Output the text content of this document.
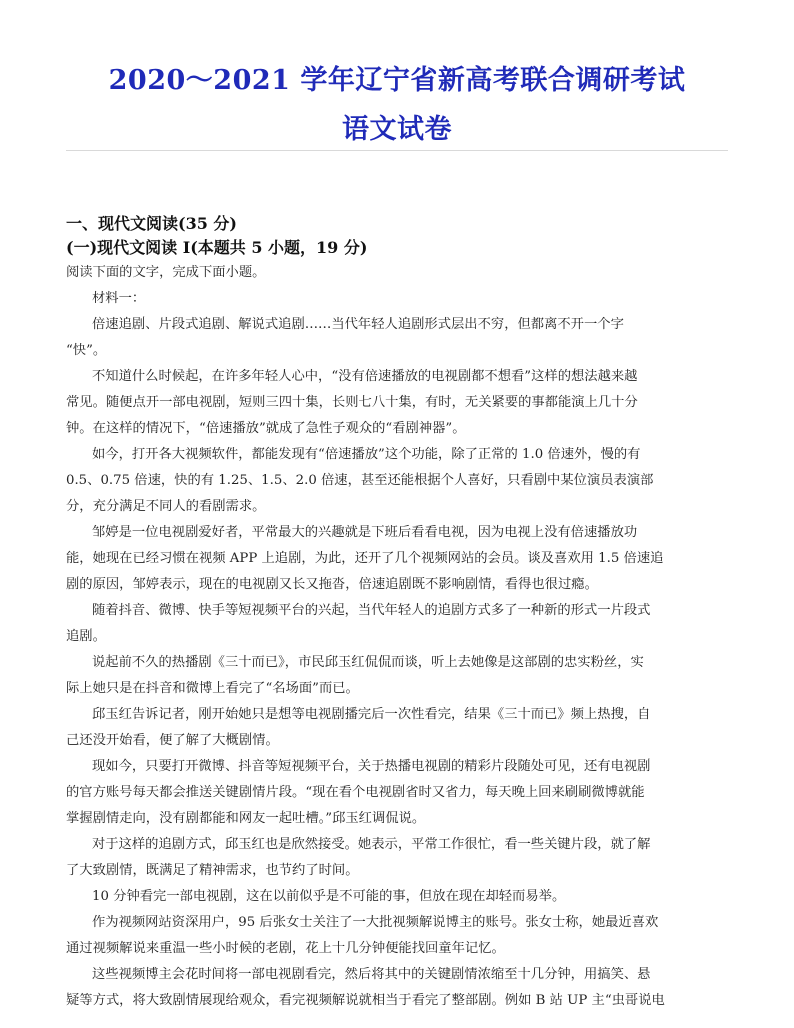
2020～2021 学年辽宁省新高考联合调研考试
语文试卷
一、现代文阅读(35 分)
(一)现代文阅读 I(本题共 5 小题，19 分)
阅读下面的文字，完成下面小题。
材料一：
倍速追剧、片段式追剧、解说式追剧……当代年轻人追剧形式层出不穷，但都离不开一个字
“快”。
不知道什么时候起，在许多年轻人心中，“没有倍速播放的电视剧都不想看”这样的想法越来越
常见。随便点开一部电视剧，短则三四十集，长则七八十集，有时，无关紧要的事都能演上几十分
钟。在这样的情况下，“倍速播放”就成了急性子观众的“看剧神器”。
如今，打开各大视频软件，都能发现有“倍速播放”这个功能，除了正常的 1.0 倍速外，慢的有
0.5、0.75 倍速，快的有 1.25、1.5、2.0 倍速，甚至还能根据个人喜好，只看剧中某位演员表演部
分，充分满足不同人的看剧需求。
邹婷是一位电视剧爱好者，平常最大的兴趣就是下班后看看电视，因为电视上没有倍速播放功
能，她现在已经习惯在视频 APP 上追剧，为此，还开了几个视频网站的会员。谈及喜欢用 1.5 倍速追
剧的原因，邹婷表示，现在的电视剧又长又拖沓，倍速追剧既不影响剧情，看得也很过瘾。
随着抖音、微博、快手等短视频平台的兴起，当代年轻人的追剧方式多了一种新的形式一片段式
追剧。
说起前不久的热播剧《三十而已》，市民邱玉红侃侃而谈，听上去她像是这部剧的忠实粉丝，实
际上她只是在抖音和微博上看完了“名场面”而已。
邱玉红告诉记者，刚开始她只是想等电视剧播完后一次性看完，结果《三十而已》频上热搜，自
己还没开始看，便了解了大概剧情。
现如今，只要打开微博、抖音等短视频平台，关于热播电视剧的精彩片段随处可见，还有电视剧
的官方账号每天都会推送关键剧情片段。“现在看个电视剧省时又省力，每天晚上回来刷刷微博就能
掌握剧情走向，没有剧都能和网友一起吐槽。”邱玉红调侃说。
对于这样的追剧方式，邱玉红也是欣然接受。她表示，平常工作很忙，看一些关键片段，就了解
了大致剧情，既满足了精神需求，也节约了时间。
10 分钟看完一部电视剧，这在以前似乎是不可能的事，但放在现在却轻而易举。
作为视频网站资深用户，95 后张女士关注了一大批视频解说博主的账号。张女士称，她最近喜欢
通过视频解说来重温一些小时候的老剧，花上十几分钟便能找回童年记忆。
这些视频博主会花时间将一部电视剧看完，然后将其中的关键剧情浓缩至十几分钟，用搞笑、悬
疑等方式，将大致剧情展现给观众，看完视频解说就相当于看完了整部剧。例如 B 站 UP 主“虫哥说电
